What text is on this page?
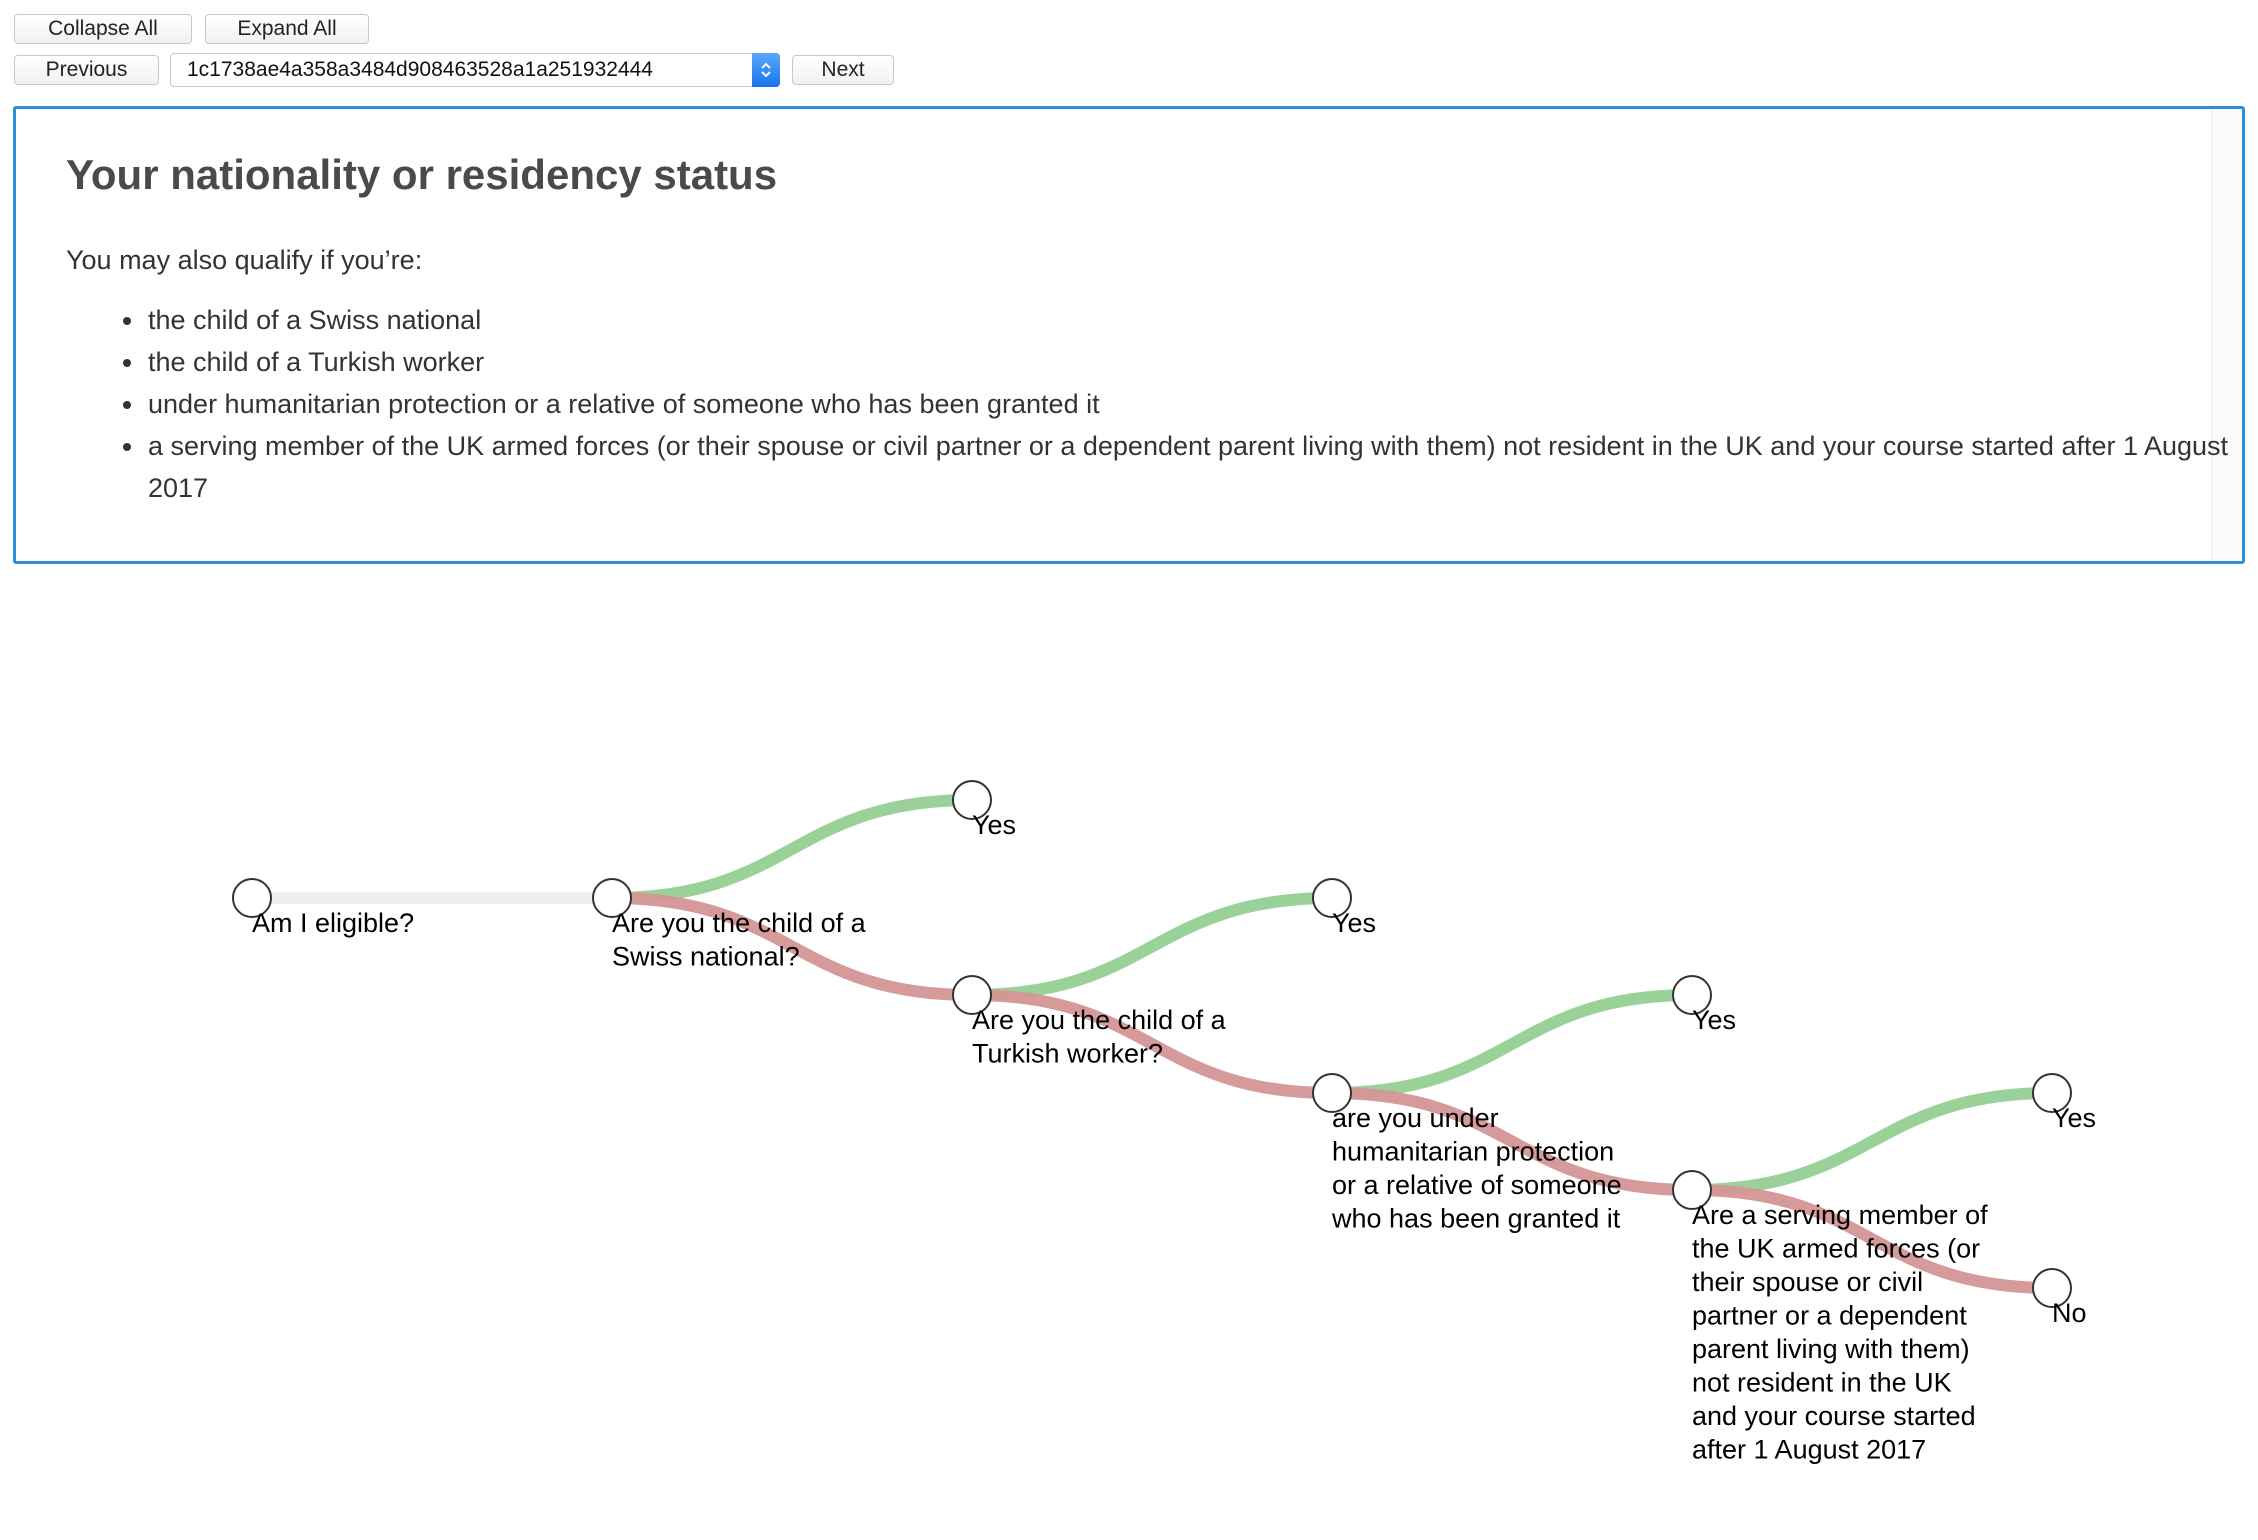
Collapse All	Expand All
Previous	1c1738ae4a358a3484d908463528a1a251932444	Next
Your nationality or residency status

You may also qualify if you’re:

• the child of a Swiss national
• the child of a Turkish worker
• under humanitarian protection or a relative of someone who has been granted it
• a serving member of the UK armed forces (or their spouse or civil partner or a dependent parent living with them) not resident in the UK and your course started after 1 August 2017
Am I eligible?	Are you the child of a Swiss national?
Yes
Are you the child of a Turkish worker?
Yes
are you under humanitarian protection or a relative of someone who has been granted it
Yes
Are a serving member of the UK armed forces (or their spouse or civil partner or a dependent parent living with them) not resident in the UK and your course started after 1 August 2017
Yes
No
